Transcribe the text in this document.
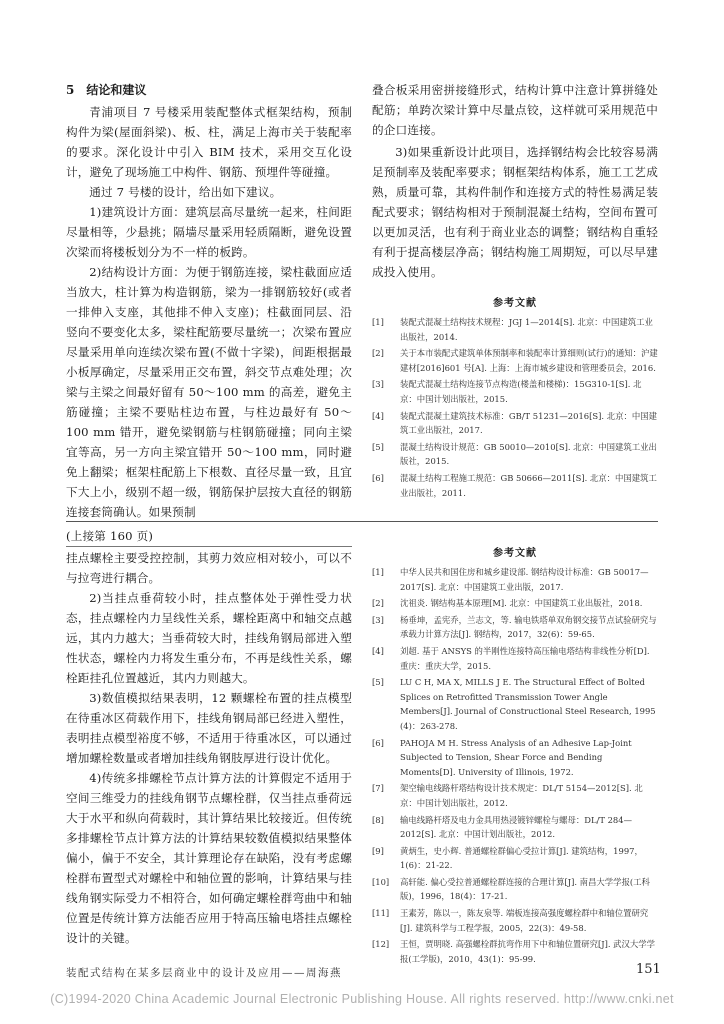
5　结论和建议

青浦项目 7 号楼采用装配整体式框架结构，预制构件为梁(屋面斜梁)、板、柱，满足上海市关于装配率的要求。深化设计中引入 BIM 技术，采用交互化设计，避免了现场施工中构件、钢筋、预埋件等碰撞。

通过 7 号楼的设计，给出如下建议。

1)建筑设计方面：建筑层高尽量统一起来，柱间距尽量相等，少悬挑；隔墙尽量采用轻质隔断，避免设置次梁而将楼板划分为不一样的板跨。

2)结构设计方面：为便于钢筋连接，梁柱截面应适当放大，柱计算为构造钢筋，梁为一排钢筋较好(或者一排伸入支座，其他排不伸入支座)；柱截面同层、沿竖向不要变化太多，梁柱配筋要尽量统一；次梁布置应尽量采用单向连续次梁布置(不做十字梁)，间距根据最小板厚确定，尽量采用正交布置，斜交节点难处理；次梁与主梁之间最好留有 50～100 mm 的高差，避免主筋碰撞；主梁不要贴柱边布置，与柱边最好有 50～100 mm 错开，避免梁钢筋与柱钢筋碰撞；同向主梁宜等高，另一方向主梁宜错开 50～100 mm，同时避免上翻梁；框架柱配筋上下根数、直径尽量一致，且宜下大上小，级别不超一级，钢筋保护层按大直径的钢筋连接套筒确认。如果预制

叠合板采用密拼接缝形式，结构计算中注意计算拼缝处配筋；单跨次梁计算中尽量点铰，这样就可采用规范中的企口连接。

3)如果重新设计此项目，选择钢结构会比较容易满足预制率及装配率要求；钢框架结构体系，施工工艺成熟，质量可靠，其构件制作和连接方式的特性易满足装配式要求；钢结构相对于预制混凝土结构，空间布置可以更加灵活，也有利于商业业态的调整；钢结构自重轻有利于提高楼层净高；钢结构施工周期短，可以尽早建成投入使用。

参考文献
[1]	装配式混凝土结构技术规程：JGJ 1—2014[S]. 北京：中国建筑工业出版社，2014.
[2]	关于本市装配式建筑单体预制率和装配率计算细则(试行)的通知：沪建建材[2016]601 号[A]. 上海：上海市城乡建设和管理委员会，2016.
[3]	装配式混凝土结构连接节点构造(楼盖和楼梯)：15G310-1[S]. 北京：中国计划出版社，2015.
[4]	装配式混凝土建筑技术标准：GB/T 51231—2016[S]. 北京：中国建筑工业出版社，2017.
[5]	混凝土结构设计规范：GB 50010—2010[S]. 北京：中国建筑工业出版社，2015.
[6]	混凝土结构工程施工规范：GB 50666—2011[S]. 北京：中国建筑工业出版社，2011.

(上接第 160 页)

挂点螺栓主要受控控制，其剪力效应相对较小，可以不与拉弯进行耦合。

2)当挂点垂荷较小时，挂点整体处于弹性受力状态，挂点螺栓内力呈线性关系，螺栓距离中和轴交点越远，其内力越大；当垂荷较大时，挂线角钢局部进入塑性状态，螺栓内力将发生重分布，不再是线性关系，螺栓距挂孔位置越近，其内力则越大。

3)数值模拟结果表明，12 颗螺栓布置的挂点模型在待重冰区荷载作用下，挂线角钢局部已经进入塑性，表明挂点模型裕度不够，不适用于待重冰区，可以通过增加螺栓数量或者增加挂线角钢肢厚进行设计优化。

4)传统多排螺栓节点计算方法的计算假定不适用于空间三维受力的挂线角钢节点螺栓群，仅当挂点垂荷远大于水平和纵向荷载时，其计算结果比较接近。但传统多排螺栓节点计算方法的计算结果较数值模拟结果整体偏小，偏于不安全，其计算理论存在缺陷，没有考虑螺栓群布置型式对螺栓中和轴位置的影响，计算结果与挂线角钢实际受力不相符合，如何确定螺栓群弯曲中和轴位置是传统计算方法能否应用于特高压输电塔挂点螺栓设计的关键。

参考文献
[1]	中华人民共和国住房和城乡建设部. 钢结构设计标准：GB 50017—2017[S]. 北京：中国建筑工业出版，2017.
[2]	沈祖炎. 钢结构基本原理[M]. 北京：中国建筑工业出版社，2018.
[3]	杨垂坤，孟宪乔，兰志文，等. 输电铁塔单双角钢交接节点试验研究与承载力计算方法[J]. 钢结构，2017，32(6)：59-65.
[4]	刘超. 基于 ANSYS 的半刚性连接特高压输电塔结构非线性分析[D]. 重庆：重庆大学，2015.
[5]	LU C H, MA X, MILLS J E. The Structural Effect of Bolted Splices on Retrofitted Transmission Tower Angle Members[J]. Journal of Constructional Steel Research, 1995 (4)：263-278.
[6]	PAHOJA M H. Stress Analysis of an Adhesive Lap-Joint Subjected to Tension, Shear Force and Bending Moments[D]. University of Illinois, 1972.
[7]	架空输电线路杆塔结构设计技术规定：DL/T 5154—2012[S]. 北京：中国计划出版社，2012.
[8]	输电线路杆塔及电力金具用热浸镀锌螺栓与螺母：DL/T 284—2012[S]. 北京：中国计划出版社，2012.
[9]	黄炳生，史小辉. 普通螺栓群偏心受拉计算[J]. 建筑结构，1997，1(6)：21-22.
[10]	高轩能. 偏心受拉普通螺栓群连接的合理计算[J]. 南昌大学学报(工科版)，1996，18(4)：17-21.
[11]	王素芳，陈以一，陈友泉等. 端板连接高强度螺栓群中和轴位置研究[J]. 建筑科学与工程学报，2005，22(3)：49-58.
[12]	王恒，贾明晓. 高强螺栓群抗弯作用下中和轴位置研究[J]. 武汉大学学报(工学版)，2010，43(1)：95-99.
装配式结构在某多层商业中的设计及应用——周海燕	151
(C)1994-2020 China Academic Journal Electronic Publishing House. All rights reserved. http://www.cnki.net
